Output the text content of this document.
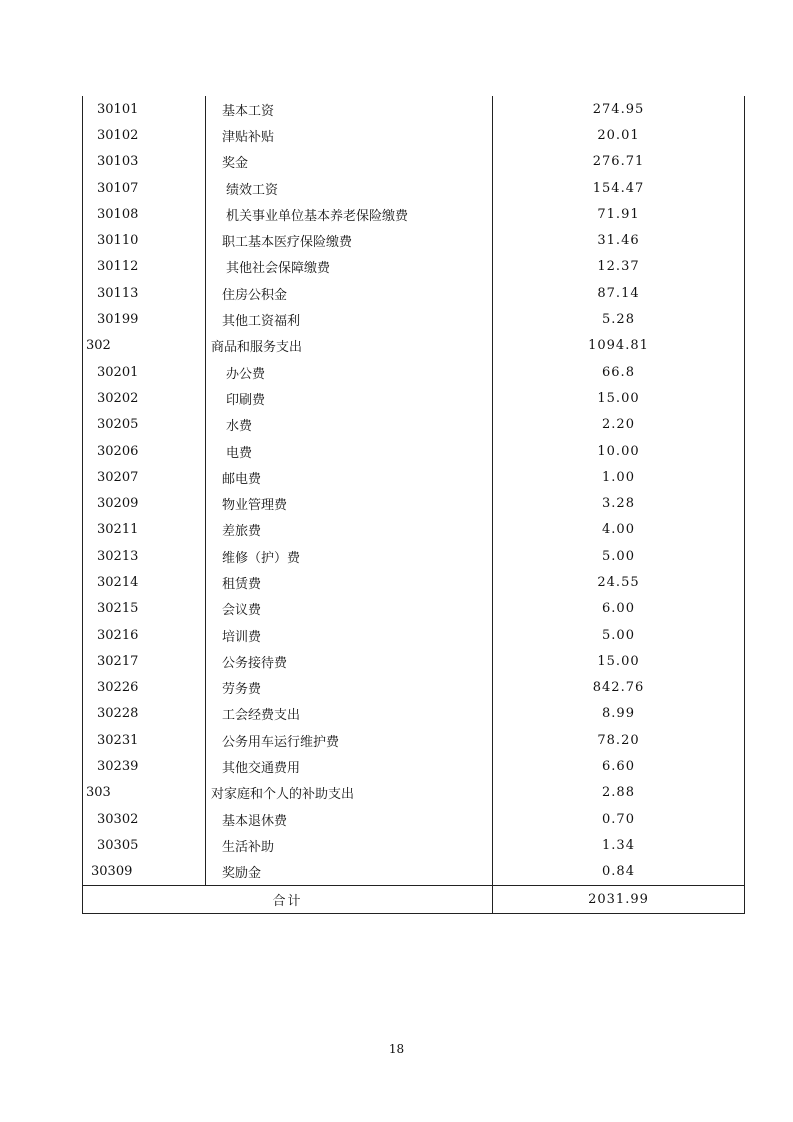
30101	基本工资	274.95
30102	津贴补贴	20.01
30103	奖金	276.71
30107	绩效工资	154.47
30108	机关事业单位基本养老保险缴费	71.91
30110	职工基本医疗保险缴费	31.46
30112	其他社会保障缴费	12.37
30113	住房公积金	87.14
30199	其他工资福利	5.28
302	商品和服务支出	1094.81
30201	办公费	66.8
30202	印刷费	15.00
30205	水费	2.20
30206	电费	10.00
30207	邮电费	1.00
30209	物业管理费	3.28
30211	差旅费	4.00
30213	维修（护）费	5.00
30214	租赁费	24.55
30215	会议费	6.00
30216	培训费	5.00
30217	公务接待费	15.00
30226	劳务费	842.76
30228	工会经费支出	8.99
30231	公务用车运行维护费	78.20
30239	其他交通费用	6.60
303	对家庭和个人的补助支出	2.88
30302	基本退休费	0.70
30305	生活补助	1.34
30309	奖励金	0.84
合计		2031.99
18
